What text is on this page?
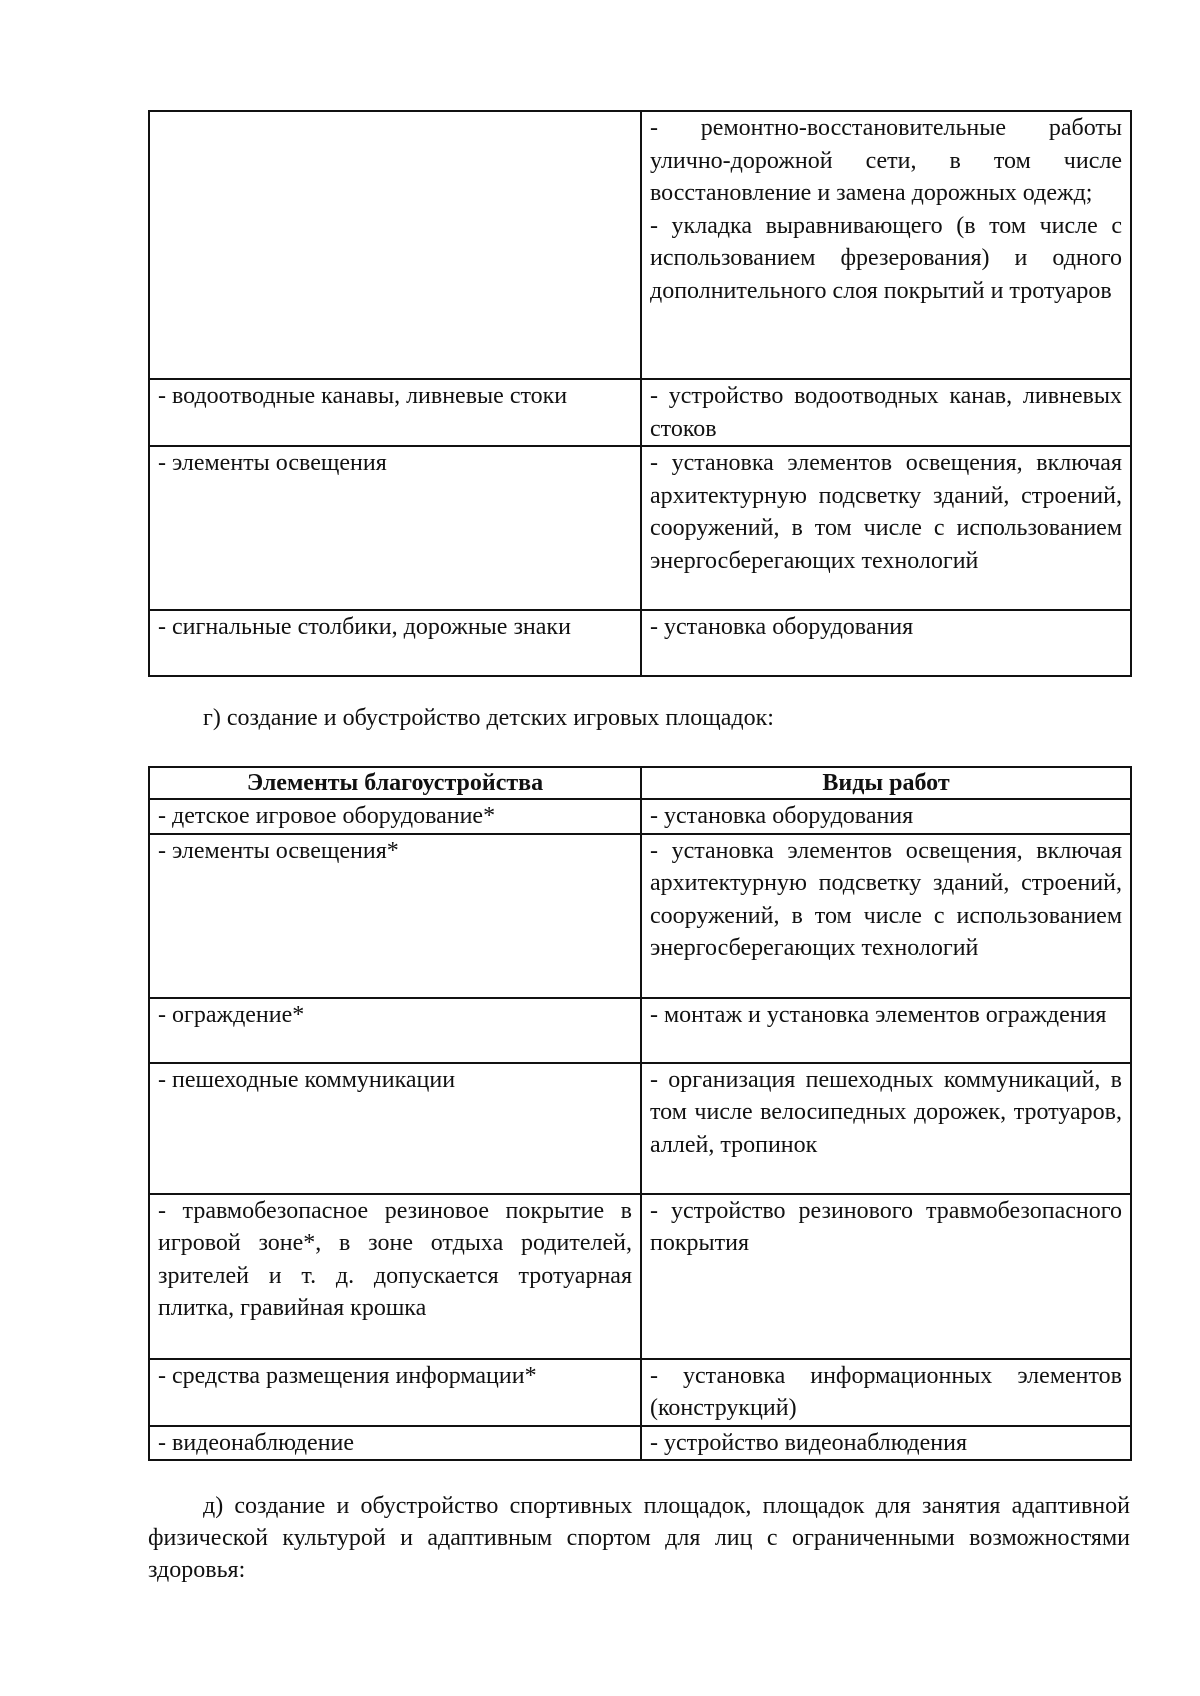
	- ремонтно-восстановительные работы улично-дорожной сети, в том числе восстановление и замена дорожных одежд;
- укладка выравнивающего (в том числе с использованием фрезерования) и одного дополнительного слоя покрытий и тротуаров

- водоотводные канавы, ливневые стоки	- устройство водоотводных канав, ливневых стоков
- элементы освещения	- установка элементов освещения, включая архитектурную подсветку зданий, строений, сооружений, в том числе с использованием энергосберегающих технологий
- сигнальные столбики, дорожные знаки	- установка оборудования
г) создание и обустройство детских игровых площадок:
Элементы благоустройства	Виды работ
- детское игровое оборудование*	- установка оборудования
- элементы освещения*	- установка элементов освещения, включая архитектурную подсветку зданий, строений, сооружений, в том числе с использованием энергосберегающих технологий
- ограждение*	- монтаж и установка элементов ограждения
- пешеходные коммуникации	- организация пешеходных коммуникаций, в том числе велосипедных дорожек, тротуаров, аллей, тропинок
- травмобезопасное резиновое покрытие в игровой зоне*, в зоне отдыха родителей, зрителей и т. д. допускается тротуарная плитка, гравийная крошка	- устройство резинового травмобезопасного покрытия
- средства размещения информации*	- установка информационных элементов (конструкций)
- видеонаблюдение	- устройство видеонаблюдения
д) создание и обустройство спортивных площадок, площадок для занятия адаптивной физической культурой и адаптивным спортом для лиц с ограниченными возможностями здоровья:
